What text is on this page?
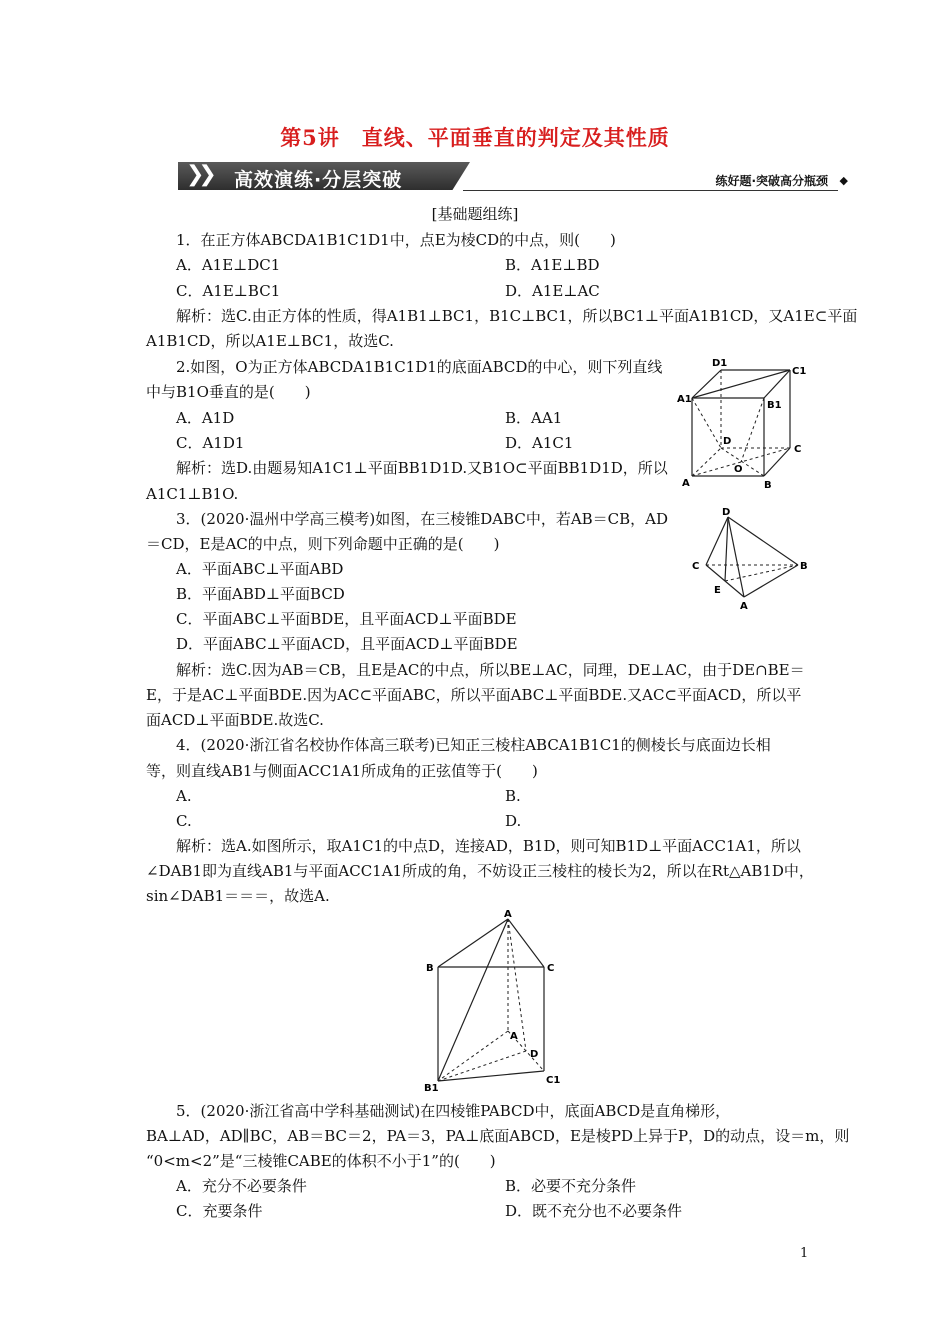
第5讲　直线、平面垂直的判定及其性质
❯❯ 高效演练·分层突破	练好题·突破高分瓶颈 ◆
[基础题组练]
1．在正方体ABCDA1B1C1D1中，点E为棱CD的中点，则(　　)
A．A1E⊥DC1	B．A1E⊥BD
C．A1E⊥BC1	D．A1E⊥AC
解析：选C.由正方体的性质，得A1B1⊥BC1，B1C⊥BC1，所以BC1⊥平面A1B1CD，又A1E⊂平面
A1B1CD，所以A1E⊥BC1，故选C.
2.如图，O为正方体ABCDA1B1C1D1的底面ABCD的中心，则下列直线
中与B1O垂直的是(　　)
A．A1D	B．AA1
C．A1D1	D．A1C1
解析：选D.由题易知A1C1⊥平面BB1D1D.又B1O⊂平面BB1D1D，所以
A1C1⊥B1O.
D1
C1
A1
B1
D
C
O
A	B
3．(2020·温州中学高三模考)如图，在三棱锥DABC中，若AB＝CB，AD
＝CD，E是AC的中点，则下列命题中正确的是(　　)
A．平面ABC⊥平面ABD
B．平面ABD⊥平面BCD
C．平面ABC⊥平面BDE，且平面ACD⊥平面BDE
D．平面ABC⊥平面ACD，且平面ACD⊥平面BDE
解析：选C.因为AB＝CB，且E是AC的中点，所以BE⊥AC，同理，DE⊥AC，由于DE∩BE＝
E，于是AC⊥平面BDE.因为AC⊂平面ABC，所以平面ABC⊥平面BDE.又AC⊂平面ACD，所以平
面ACD⊥平面BDE.故选C.
D
C	B
E
A
4．(2020·浙江省名校协作体高三联考)已知正三棱柱ABCA1B1C1的侧棱长与底面边长相
等，则直线AB1与侧面ACC1A1所成角的正弦值等于(　　)
A.	B.
C.	D.
解析：选A.如图所示，取A1C1的中点D，连接AD，B1D，则可知B1D⊥平面ACC1A1，所以
∠DAB1即为直线AB1与平面ACC1A1所成的角，不妨设正三棱柱的棱长为2，所以在Rt△AB1D中，
sin∠DAB1＝＝＝，故选A.
A
B	C
A
D
B1
C1
5．(2020·浙江省高中学科基础测试)在四棱锥PABCD中，底面ABCD是直角梯形，
BA⊥AD，AD∥BC，AB＝BC＝2，PA＝3，PA⊥底面ABCD，E是棱PD上异于P，D的动点，设＝m，则
“0<m<2”是“三棱锥CABE的体积不小于1”的(　　)
A．充分不必要条件	B．必要不充分条件
C．充要条件	D．既不充分也不必要条件
1
